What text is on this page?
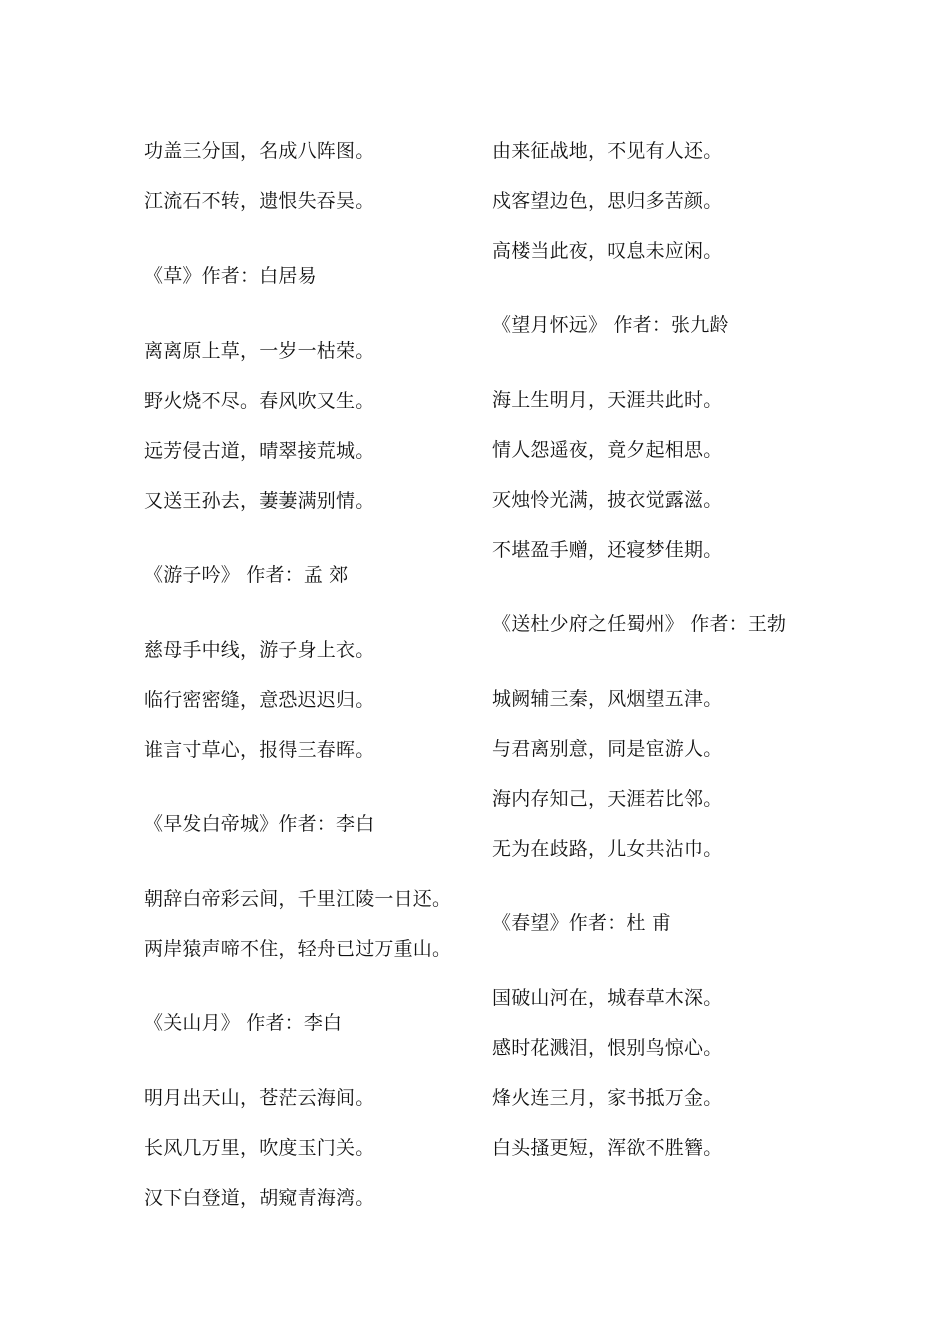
功盖三分国，名成八阵图。
江流石不转，遗恨失吞吴。
《草》作者：白居易
离离原上草，一岁一枯荣。
野火烧不尽。春风吹又生。
远芳侵古道，晴翠接荒城。
又送王孙去，萋萋满别情。
《游子吟》 作者：孟 郊
慈母手中线，游子身上衣。
临行密密缝，意恐迟迟归。
谁言寸草心，报得三春晖。
《早发白帝城》作者：李白
朝辞白帝彩云间，千里江陵一日还。
两岸猿声啼不住，轻舟已过万重山。
《关山月》 作者：李白
明月出天山，苍茫云海间。
长风几万里，吹度玉门关。
汉下白登道，胡窥青海湾。
由来征战地，不见有人还。
戍客望边色，思归多苦颜。
高楼当此夜，叹息未应闲。
《望月怀远》 作者：张九龄
海上生明月，天涯共此时。
情人怨遥夜，竟夕起相思。
灭烛怜光满，披衣觉露滋。
不堪盈手赠，还寝梦佳期。
《送杜少府之任蜀州》 作者：王勃
城阙辅三秦，风烟望五津。
与君离别意，同是宦游人。
海内存知己，天涯若比邻。
无为在歧路，儿女共沾巾。
《春望》作者：杜 甫
国破山河在，城春草木深。
感时花溅泪，恨别鸟惊心。
烽火连三月，家书抵万金。
白头搔更短，浑欲不胜簪。
